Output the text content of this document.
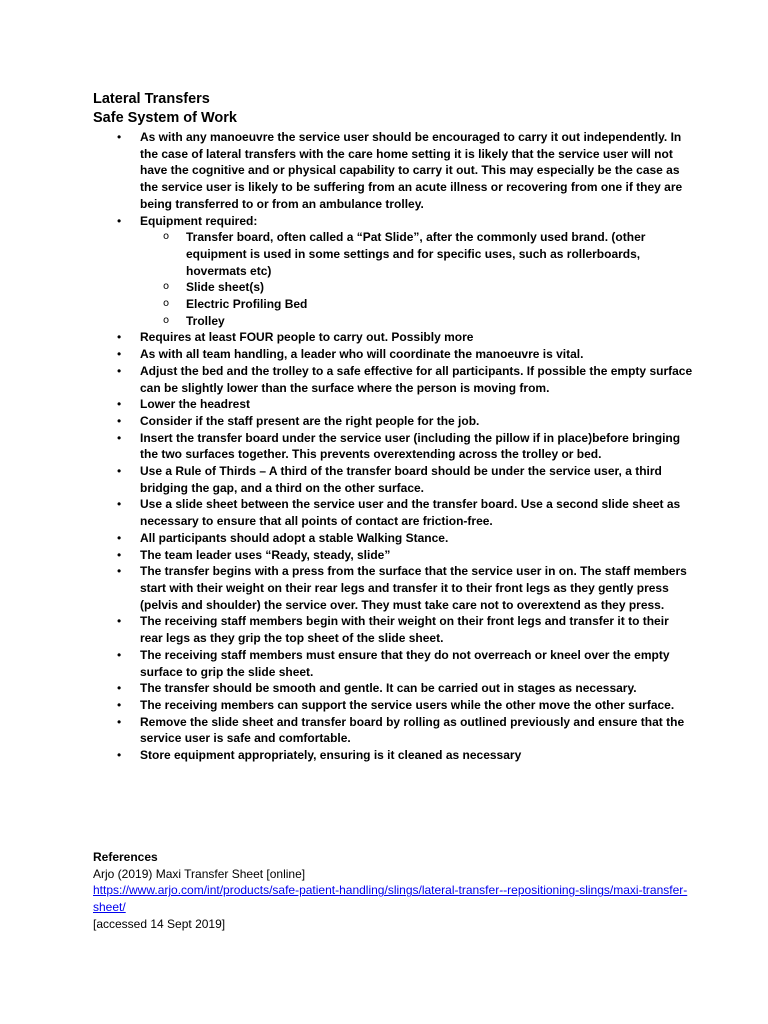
Lateral Transfers
Safe System of Work
• As with any manoeuvre the service user should be encouraged to carry it out independently. In the case of lateral transfers with the care home setting it is likely that the service user will not have the cognitive and or physical capability to carry it out. This may especially be the case as the service user is likely to be suffering from an acute illness or recovering from one if they are being transferred to or from an ambulance trolley.
• Equipment required:
o Transfer board, often called a “Pat Slide”, after the commonly used brand. (other equipment is used in some settings and for specific uses, such as rollerboards, hovermats etc)
o Slide sheet(s)
o Electric Profiling Bed
o Trolley
• Requires at least FOUR people to carry out. Possibly more
• As with all team handling, a leader who will coordinate the manoeuvre is vital.
• Adjust the bed and the trolley to a safe effective for all participants. If possible the empty surface can be slightly lower than the surface where the person is moving from.
• Lower the headrest
• Consider if the staff present are the right people for the job.
• Insert the transfer board under the service user (including the pillow if in place)before bringing the two surfaces together. This prevents overextending across the trolley or bed.
• Use a Rule of Thirds – A third of the transfer board should be under the service user, a third bridging the gap, and a third on the other surface.
• Use a slide sheet between the service user and the transfer board. Use a second slide sheet as necessary to ensure that all points of contact are friction-free.
• All participants should adopt a stable Walking Stance.
• The team leader uses “Ready, steady, slide”
• The transfer begins with a press from the surface that the service user in on. The staff members start with their weight on their rear legs and transfer it to their front legs as they gently press (pelvis and shoulder) the service over. They must take care not to overextend as they press.
• The receiving staff members begin with their weight on their front legs and transfer it to their rear legs as they grip the top sheet of the slide sheet.
• The receiving staff members must ensure that they do not overreach or kneel over the empty surface to grip the slide sheet.
• The transfer should be smooth and gentle. It can be carried out in stages as necessary.
• The receiving members can support the service users while the other move the other surface.
• Remove the slide sheet and transfer board by rolling as outlined previously and ensure that the service user is safe and comfortable.
• Store equipment appropriately, ensuring is it cleaned as necessary
References
Arjo (2019) Maxi Transfer Sheet [online]
https://www.arjo.com/int/products/safe-patient-handling/slings/lateral-transfer--repositioning-slings/maxi-transfer-sheet/
[accessed 14 Sept 2019]
